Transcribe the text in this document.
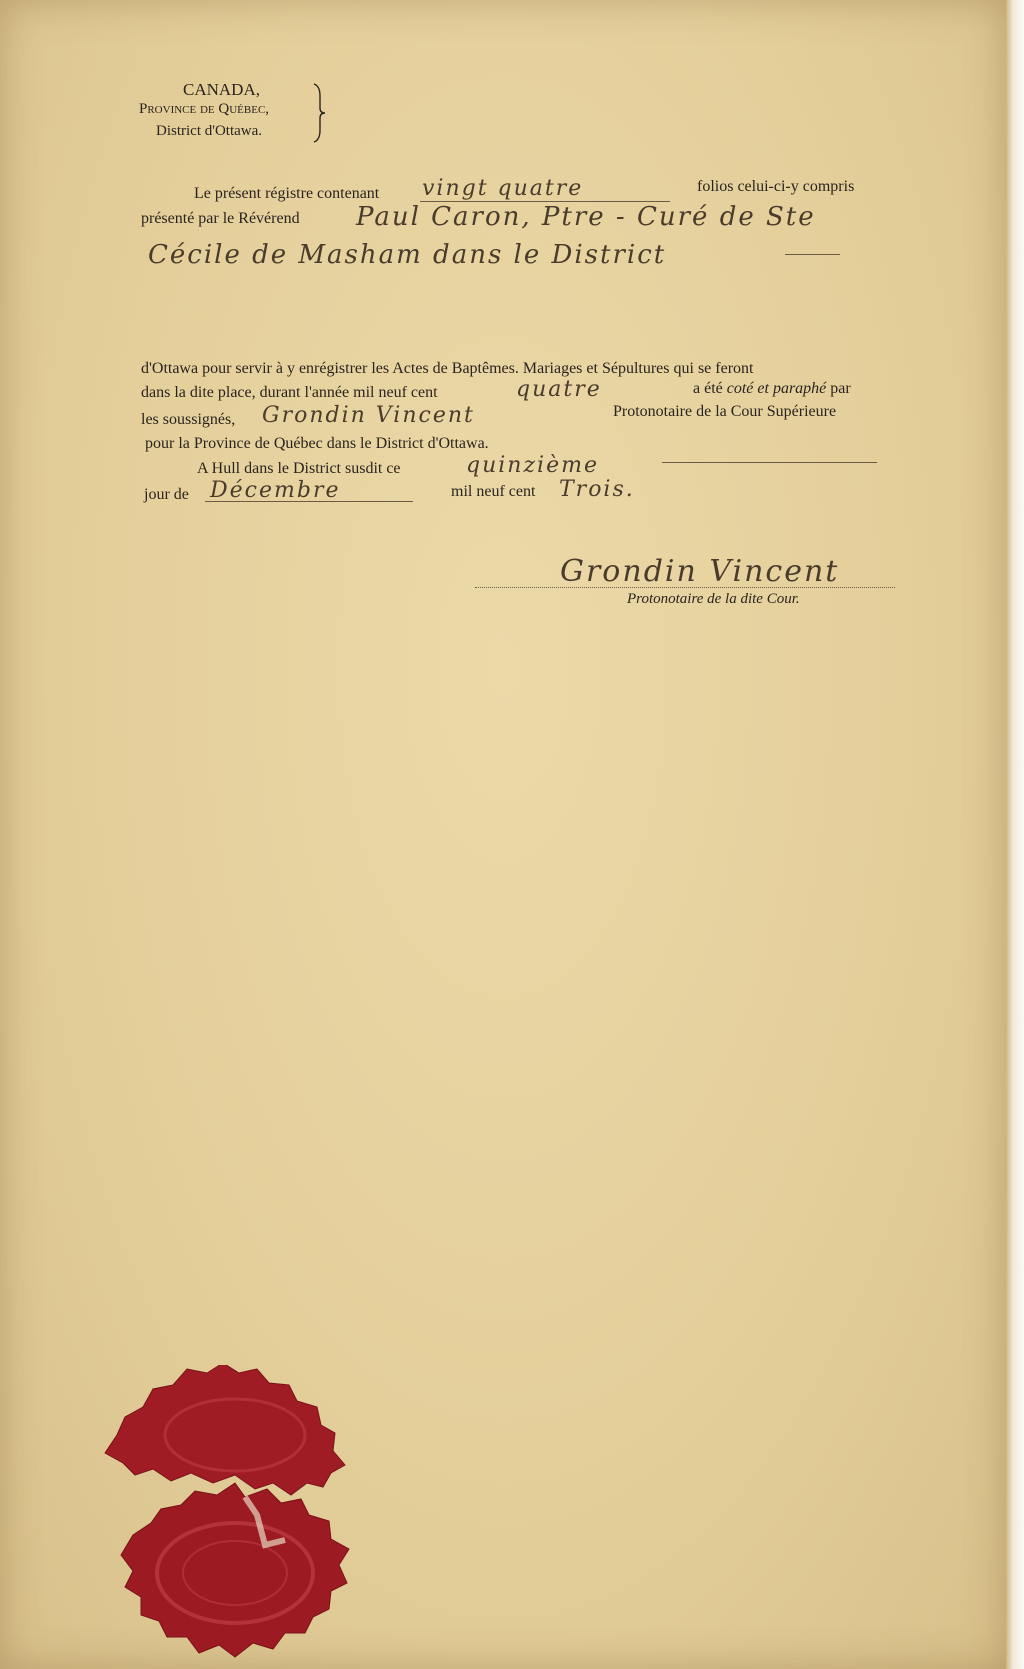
CANADA,
Province de Québec,
District d'Ottawa.
Le présent régistre contenant vingt quatre	folios celui-ci-y compris
présenté par le Révérend Paul Caron, Ptre - Curé de Ste
Cécile de Masham dans le District
d'Ottawa pour servir à y enrégistrer les Actes de Baptêmes. Mariages et Sépultures qui se feront
dans la dite place, durant l'année mil neuf cent	quatre	a été coté et paraphé par
les soussignés, Grondin Vincent	Protonotaire de la Cour Supérieure
pour la Province de Québec dans le District d'Ottawa.
A Hull dans le District susdit ce	quinzième
jour de Décembre	mil neuf cent Trois.
Grondin Vincent
Protonotaire de la dite Cour.
